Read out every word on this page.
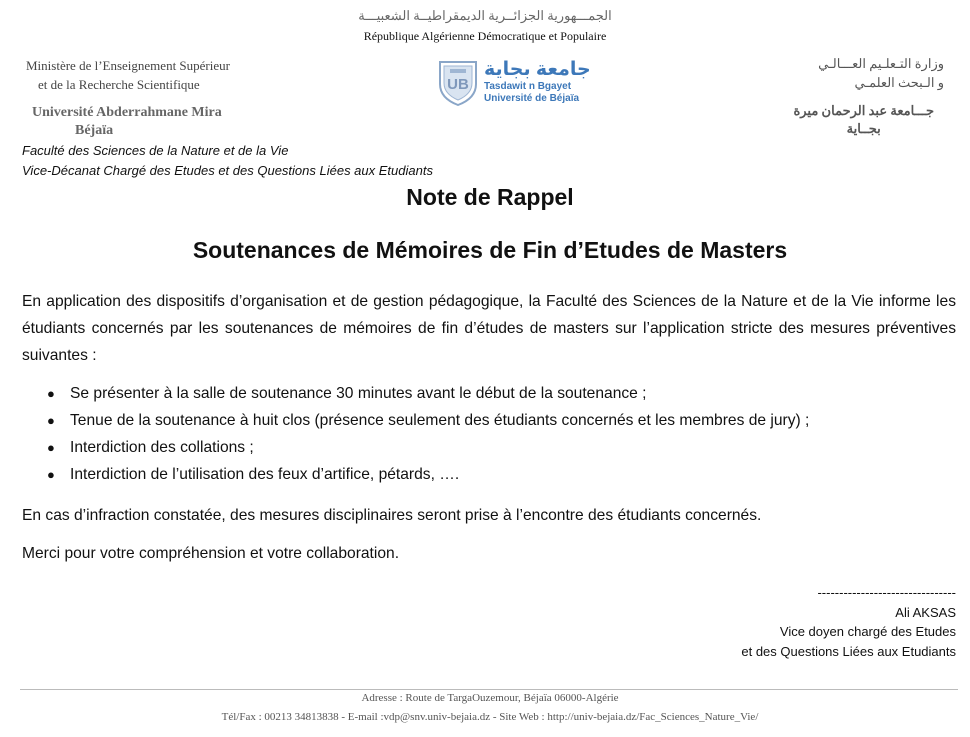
الجمـــهورية الجزائــرية الديمقراطيــة الشعبيـــة
République Algérienne Démocratique et Populaire
Ministère de l’Enseignement Supérieur
et de la Recherche Scientifique
Université Abderrahmane Mira
Béjaïa
UB
جامعة بجاية
Tasdawit n Bgayet
Université de Béjaïa
وزارة التـعلـيم العـــالـي
و الـبحث العلمـي
جـــامعة عبد الرحمان ميرة
بجــاية
Faculté des Sciences de la Nature et de la Vie
Vice-Décanat Chargé des Etudes et des Questions Liées aux Etudiants
Note de Rappel
Soutenances de Mémoires de Fin d’Etudes de Masters

En application des dispositifs d’organisation et de gestion pédagogique, la Faculté des Sciences de la Nature et de la Vie informe les étudiants concernés par les soutenances de mémoires de fin d’études de masters sur l’application stricte des mesures préventives suivantes :

● Se présenter à la salle de soutenance 30 minutes avant le début de la soutenance ;
● Tenue de la soutenance à huit clos (présence seulement des étudiants concernés et les membres de jury) ;
● Interdiction des collations ;
● Interdiction de l’utilisation des feux d’artifice, pétards, ….

En cas d’infraction constatée, des mesures disciplinaires seront prise à l’encontre des étudiants concernés.

Merci pour votre compréhension et votre collaboration.

--------------------------------
Ali AKSAS
Vice doyen chargé des Etudes
et des Questions Liées aux Etudiants
Adresse : Route de TargaOuzemour, Béjaïa 06000-Algérie
Tél/Fax : 00213 34813838 - E-mail :vdp@snv.univ-bejaia.dz - Site Web : http://univ-bejaia.dz/Fac_Sciences_Nature_Vie/
